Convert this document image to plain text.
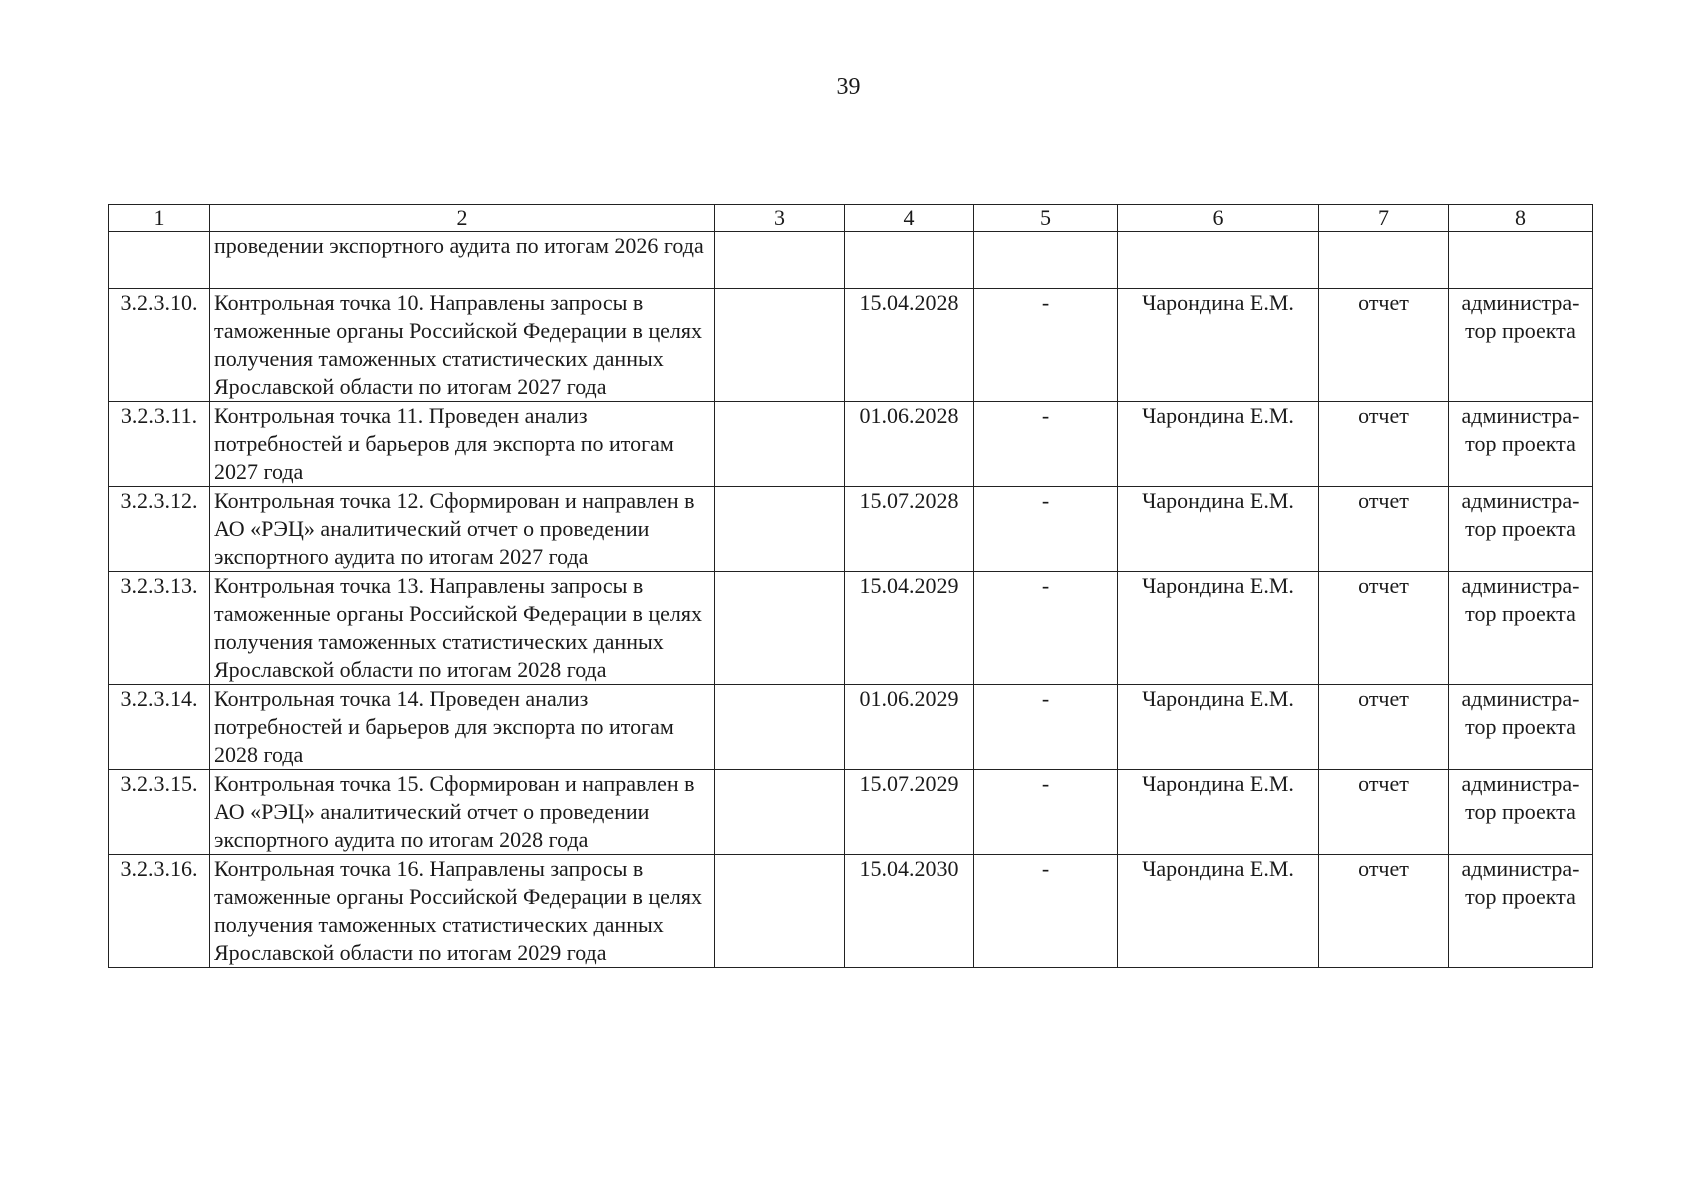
39
1	2	3	4	5	6	7	8
	проведении экспортного аудита по итогам 2026 года						
3.2.3.10.	Контрольная точка 10. Направлены запросы в таможенные органы Российской Федерации в целях получения таможенных статистических данных Ярославской области по итогам 2027 года		15.04.2028	-	Чарондина Е.М.	отчет	администра-тор проекта
3.2.3.11.	Контрольная точка 11. Проведен анализ потребностей и барьеров для экспорта по итогам 2027 года		01.06.2028	-	Чарондина Е.М.	отчет	администра-тор проекта
3.2.3.12.	Контрольная точка 12. Сформирован и направлен в АО «РЭЦ» аналитический отчет о проведении экспортного аудита по итогам 2027 года		15.07.2028	-	Чарондина Е.М.	отчет	администра-тор проекта
3.2.3.13.	Контрольная точка 13. Направлены запросы в таможенные органы Российской Федерации в целях получения таможенных статистических данных Ярославской области по итогам 2028 года		15.04.2029	-	Чарондина Е.М.	отчет	администра-тор проекта
3.2.3.14.	Контрольная точка 14. Проведен анализ потребностей и барьеров для экспорта по итогам 2028 года		01.06.2029	-	Чарондина Е.М.	отчет	администра-тор проекта
3.2.3.15.	Контрольная точка 15. Сформирован и направлен в АО «РЭЦ» аналитический отчет о проведении экспортного аудита по итогам 2028 года		15.07.2029	-	Чарондина Е.М.	отчет	администра-тор проекта
3.2.3.16.	Контрольная точка 16. Направлены запросы в таможенные органы Российской Федерации в целях получения таможенных статистических данных Ярославской области по итогам 2029 года		15.04.2030	-	Чарондина Е.М.	отчет	администра-тор проекта
